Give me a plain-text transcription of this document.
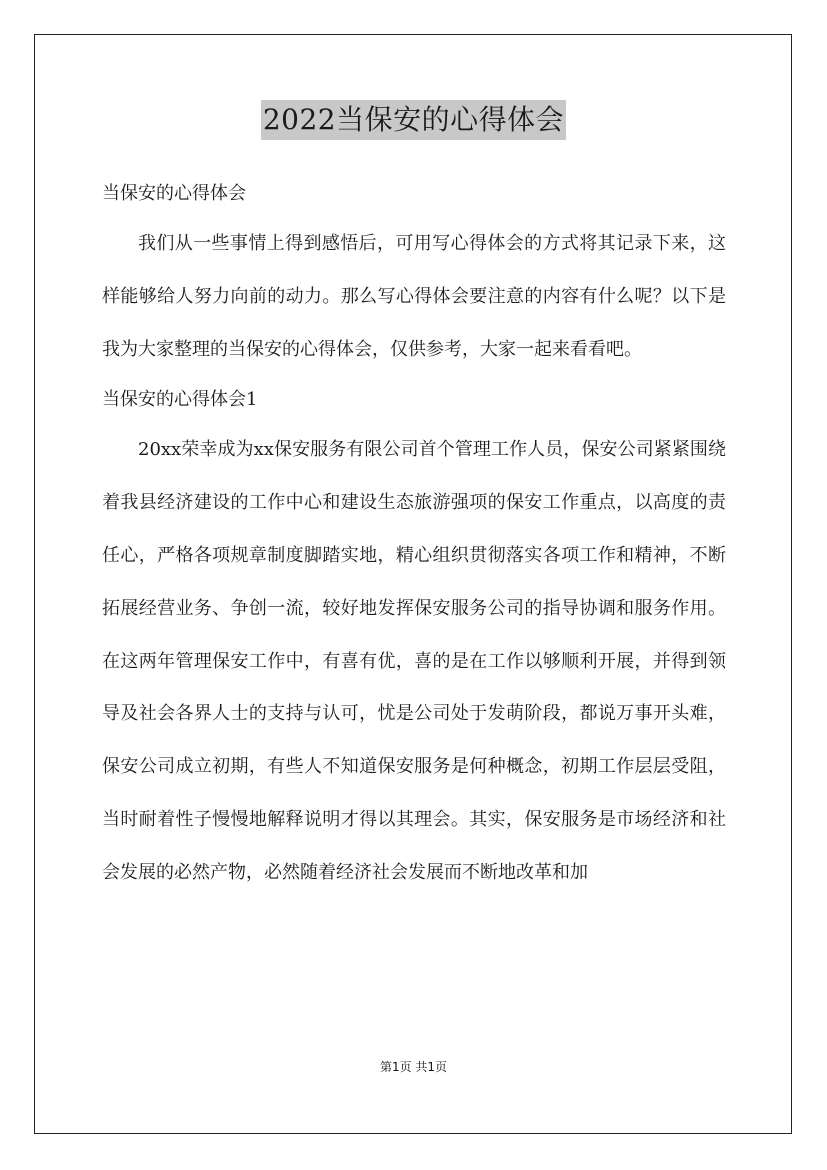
2022当保安的心得体会

当保安的心得体会

我们从一些事情上得到感悟后，可用写心得体会的方式将其记录下来，这样能够给人努力向前的动力。那么写心得体会要注意的内容有什么呢？以下是我为大家整理的当保安的心得体会，仅供参考，大家一起来看看吧。

当保安的心得体会1

20xx荣幸成为xx保安服务有限公司首个管理工作人员，保安公司紧紧围绕着我县经济建设的工作中心和建设生态旅游强项的保安工作重点，以高度的责任心，严格各项规章制度脚踏实地，精心组织贯彻落实各项工作和精神，不断拓展经营业务、争创一流，较好地发挥保安服务公司的指导协调和服务作用。在这两年管理保安工作中，有喜有优，喜的是在工作以够顺利开展，并得到领导及社会各界人士的支持与认可，忧是公司处于发萌阶段，都说万事开头难，保安公司成立初期，有些人不知道保安服务是何种概念，初期工作层层受阻，当时耐着性子慢慢地解释说明才得以其理会。其实，保安服务是市场经济和社会发展的必然产物，必然随着经济社会发展而不断地改革和加

第1页 共1页
